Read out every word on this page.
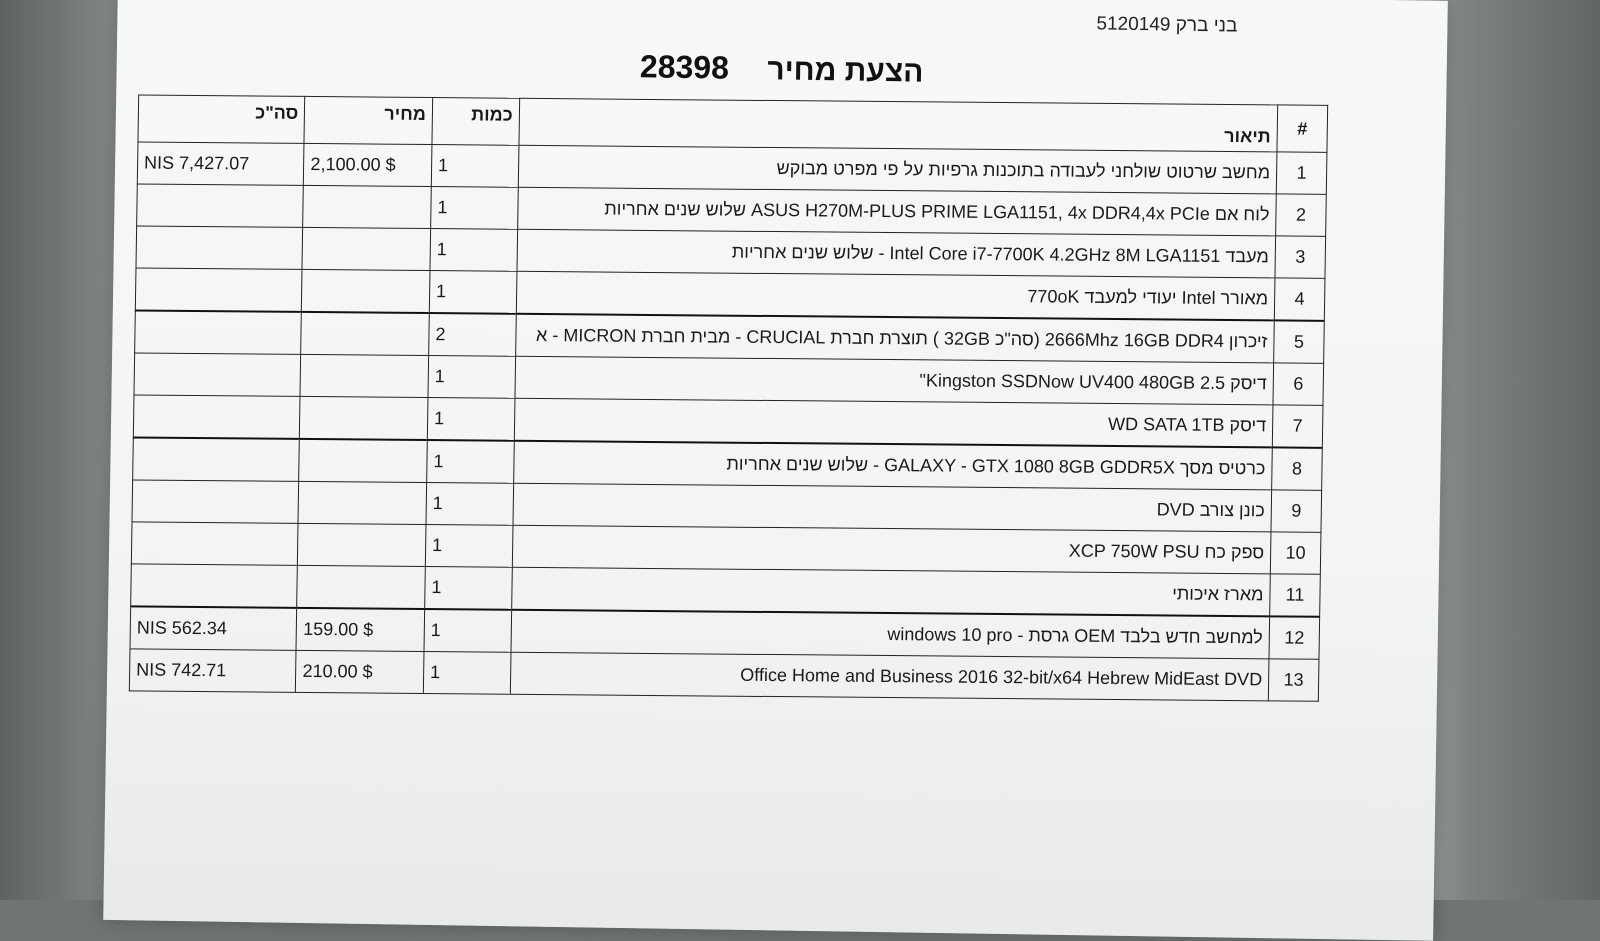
בני ברק 5120149
הצעת מחיר 28398
#	תיאור	כמות	מחיר	סה"כ
1	מחשב שרטוט שולחני לעבודה בתוכנות גרפיות על פי מפרט מבוקש	1	2,100.00 $	NIS 7,427.07
2	לוח אם ASUS H270M-PLUS PRIME LGA1151, 4x DDR4,4x PCIe שלוש שנים אחריות	1		
3	מעבד Intel Core i7-7700K 4.2GHz 8M LGA1151 - שלוש שנים אחריות	1		
4	מאורר Intel יעודי למעבד 770oK	1		
5	זיכרון 2666Mhz 16GB DDR4 (סה"כ 32GB ) תוצרת חברת CRUCIAL - מבית חברת MICRON - א	2		
6	דיסק Kingston SSDNow UV400 480GB 2.5"	1		
7	דיסק WD SATA 1TB	1		
8	כרטיס מסך GALAXY - GTX 1080 8GB GDDR5X - שלוש שנים אחריות	1		
9	כונן צורב DVD	1		
10	ספק כח XCP 750W PSU	1		
11	מארז איכותי	1		
12	למחשב חדש בלבד OEM גרסת - windows 10 pro	1	159.00 $	NIS 562.34
13	Office Home and Business 2016 32-bit/x64 Hebrew MidEast DVD	1	210.00 $	NIS 742.71
